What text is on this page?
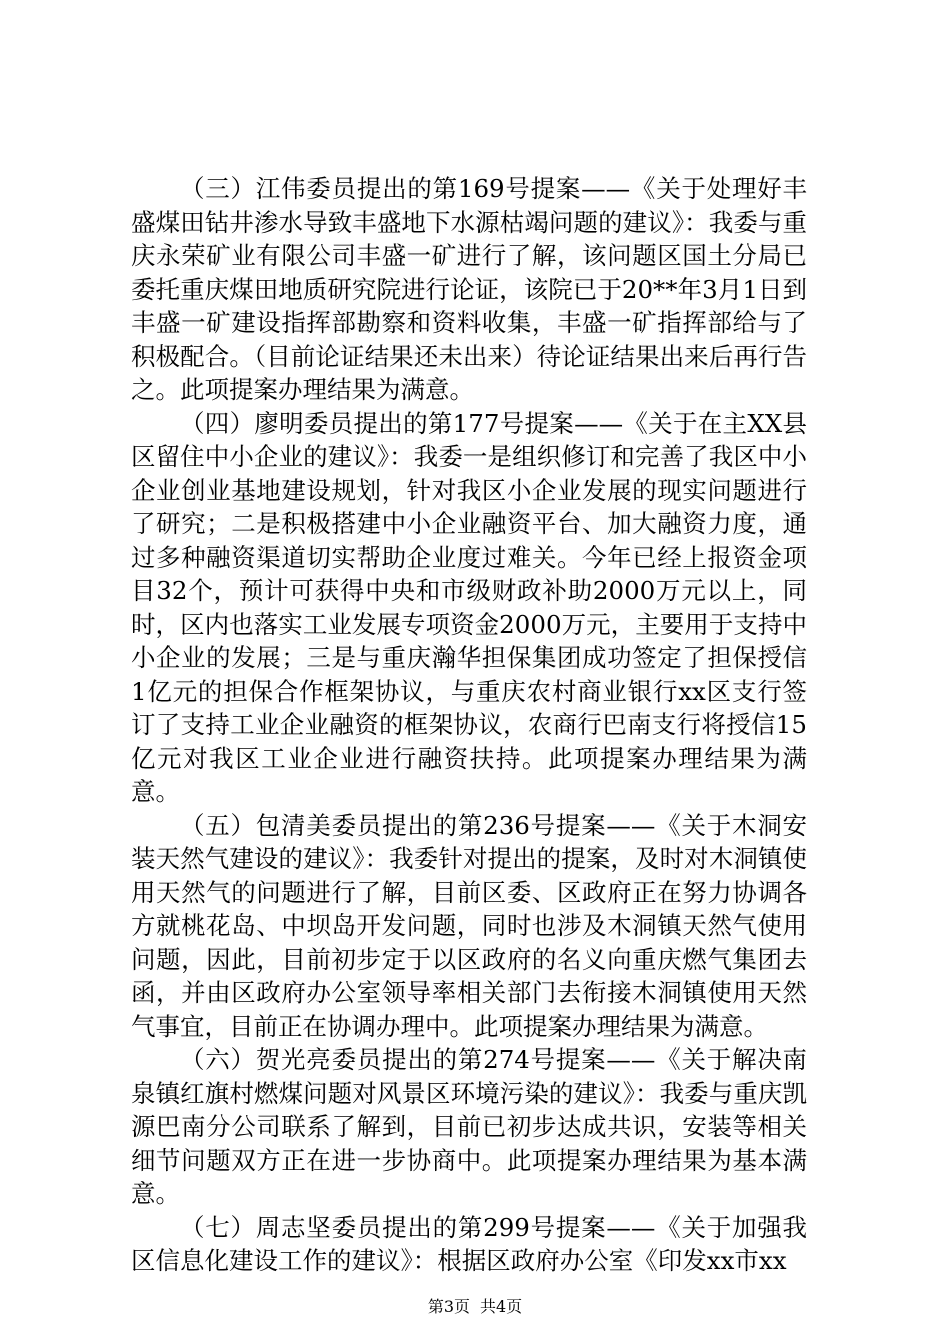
（三）江伟委员提出的第169号提案——《关于处理好丰盛煤田钻井渗水导致丰盛地下水源枯竭问题的建议》：我委与重庆永荣矿业有限公司丰盛一矿进行了解，该问题区国土分局已委托重庆煤田地质研究院进行论证，该院已于20**年3月1日到丰盛一矿建设指挥部勘察和资料收集，丰盛一矿指挥部给与了积极配合。（目前论证结果还未出来）待论证结果出来后再行告之。此项提案办理结果为满意。

（四）廖明委员提出的第177号提案——《关于在主XX县区留住中小企业的建议》：我委一是组织修订和完善了我区中小企业创业基地建设规划，针对我区小企业发展的现实问题进行了研究；二是积极搭建中小企业融资平台、加大融资力度，通过多种融资渠道切实帮助企业度过难关。今年已经上报资金项目32个，预计可获得中央和市级财政补助2000万元以上，同时，区内也落实工业发展专项资金2000万元，主要用于支持中小企业的发展；三是与重庆瀚华担保集团成功签定了担保授信1亿元的担保合作框架协议，与重庆农村商业银行xx区支行签订了支持工业企业融资的框架协议，农商行巴南支行将授信15亿元对我区工业企业进行融资扶持。此项提案办理结果为满意。

（五）包清美委员提出的第236号提案——《关于木洞安装天然气建设的建议》：我委针对提出的提案，及时对木洞镇使用天然气的问题进行了解，目前区委、区政府正在努力协调各方就桃花岛、中坝岛开发问题，同时也涉及木洞镇天然气使用问题，因此，目前初步定于以区政府的名义向重庆燃气集团去函，并由区政府办公室领导率相关部门去衔接木洞镇使用天然气事宜，目前正在协调办理中。此项提案办理结果为满意。

（六）贺光亮委员提出的第274号提案——《关于解决南泉镇红旗村燃煤问题对风景区环境污染的建议》：我委与重庆凯源巴南分公司联系了解到，目前已初步达成共识，安装等相关细节问题双方正在进一步协商中。此项提案办理结果为基本满意。

（七）周志坚委员提出的第299号提案——《关于加强我区信息化建设工作的建议》：根据区政府办公室《印发xx市xx

第3页 共4页
